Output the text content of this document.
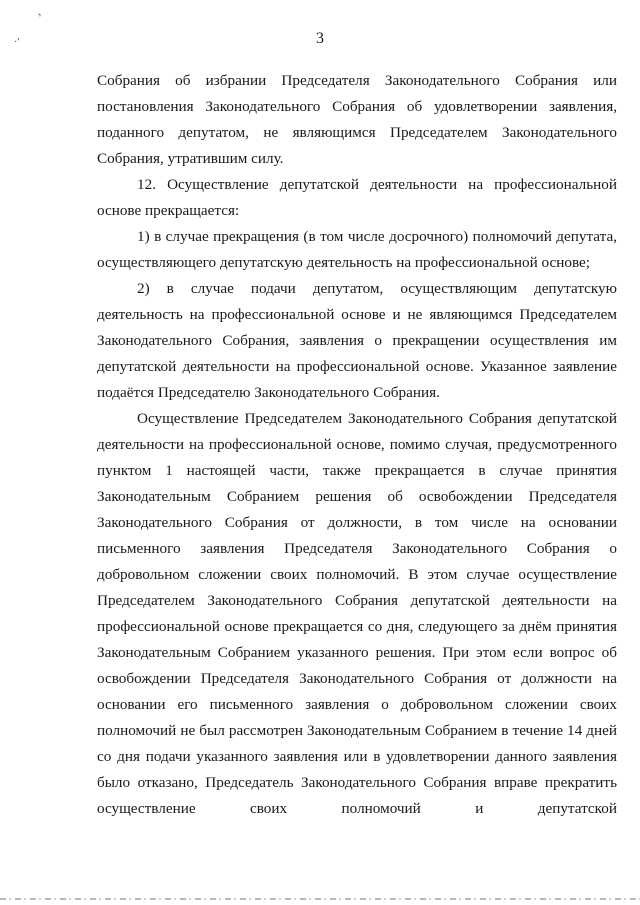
›
·'	3

Собрания об избрании Председателя Законодательного Собрания или постановления Законодательного Собрания об удовлетворении заявления, поданного депутатом, не являющимся Председателем Законодательного Собрания, утратившим силу.

12. Осуществление депутатской деятельности на профессиональной основе прекращается:

1) в случае прекращения (в том числе досрочного) полномочий депутата, осуществляющего депутатскую деятельность на профессиональной основе;

2) в случае подачи депутатом, осуществляющим депутатскую деятельность на профессиональной основе и не являющимся Председателем Законодательного Собрания, заявления о прекращении осуществления им депутатской деятельности на профессиональной основе. Указанное заявление подаётся Председателю Законодательного Собрания.

Осуществление Председателем Законодательного Собрания депутатской деятельности на профессиональной основе, помимо случая, предусмотренного пунктом 1 настоящей части, также прекращается в случае принятия Законодательным Собранием решения об освобождении Председателя Законодательного Собрания от должности, в том числе на основании письменного заявления Председателя Законодательного Собрания о добровольном сложении своих полномочий. В этом случае осуществление Председателем Законодательного Собрания депутатской деятельности на профессиональной основе прекращается со дня, следующего за днём принятия Законодательным Собранием указанного решения. При этом если вопрос об освобождении Председателя Законодательного Собрания от должности на основании его письменного заявления о добровольном сложении своих полномочий не был рассмотрен Законодательным Собранием в течение 14 дней со дня подачи указанного заявления или в удовлетворении данного заявления было отказано, Председатель Законодательного Собрания вправе прекратить осуществление своих полномочий и депутатской
